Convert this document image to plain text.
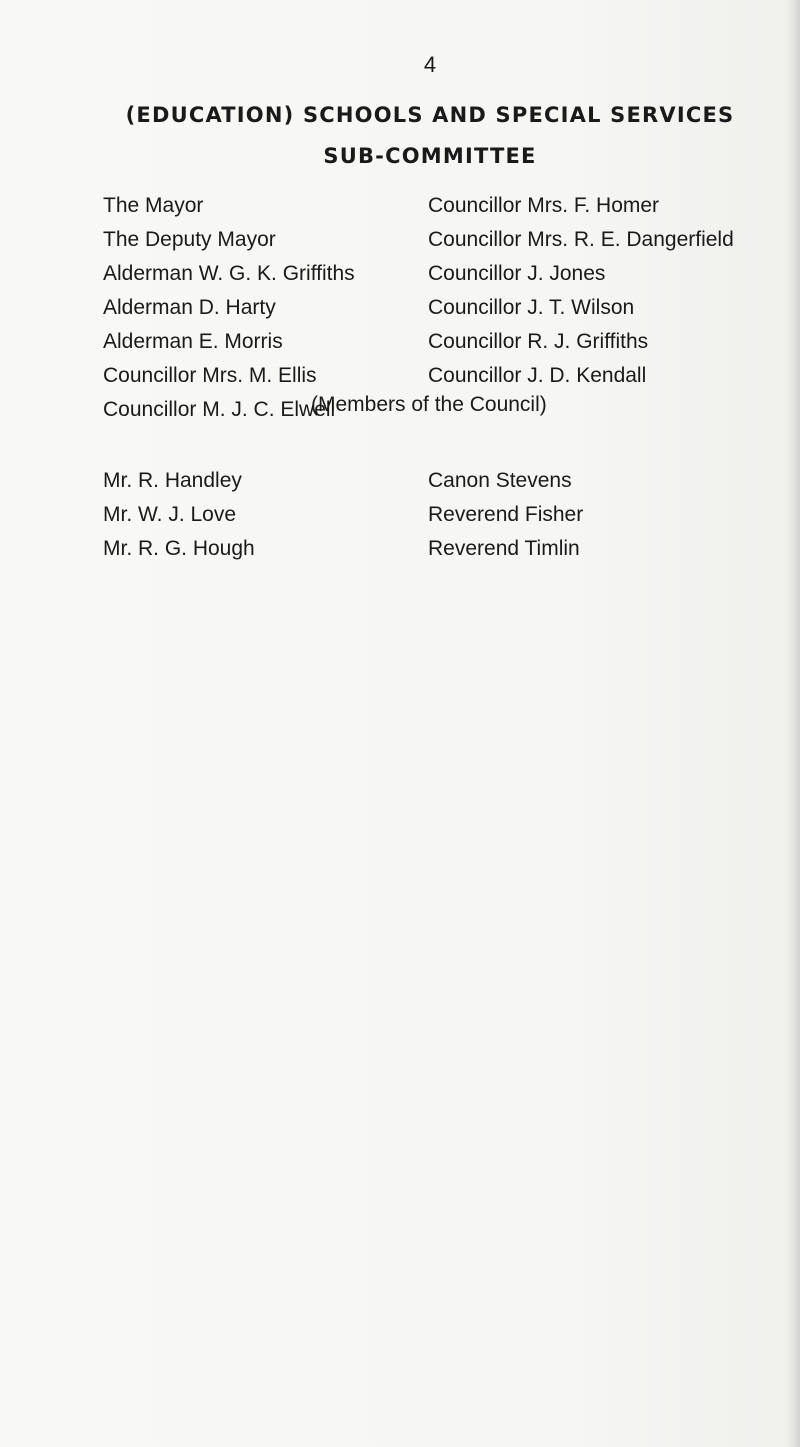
4
(EDUCATION) SCHOOLS AND SPECIAL SERVICES
SUB-COMMITTEE
The Mayor
The Deputy Mayor
Alderman W. G. K. Griffiths
Alderman D. Harty
Alderman E. Morris
Councillor Mrs. M. Ellis
Councillor M. J. C. Elwell
Councillor Mrs. F. Homer
Councillor Mrs. R. E. Dangerfield
Councillor J. Jones
Councillor J. T. Wilson
Councillor R. J. Griffiths
Councillor J. D. Kendall
(Members of the Council)
Mr. R. Handley
Mr. W. J. Love
Mr. R. G. Hough
Canon Stevens
Reverend Fisher
Reverend Timlin
